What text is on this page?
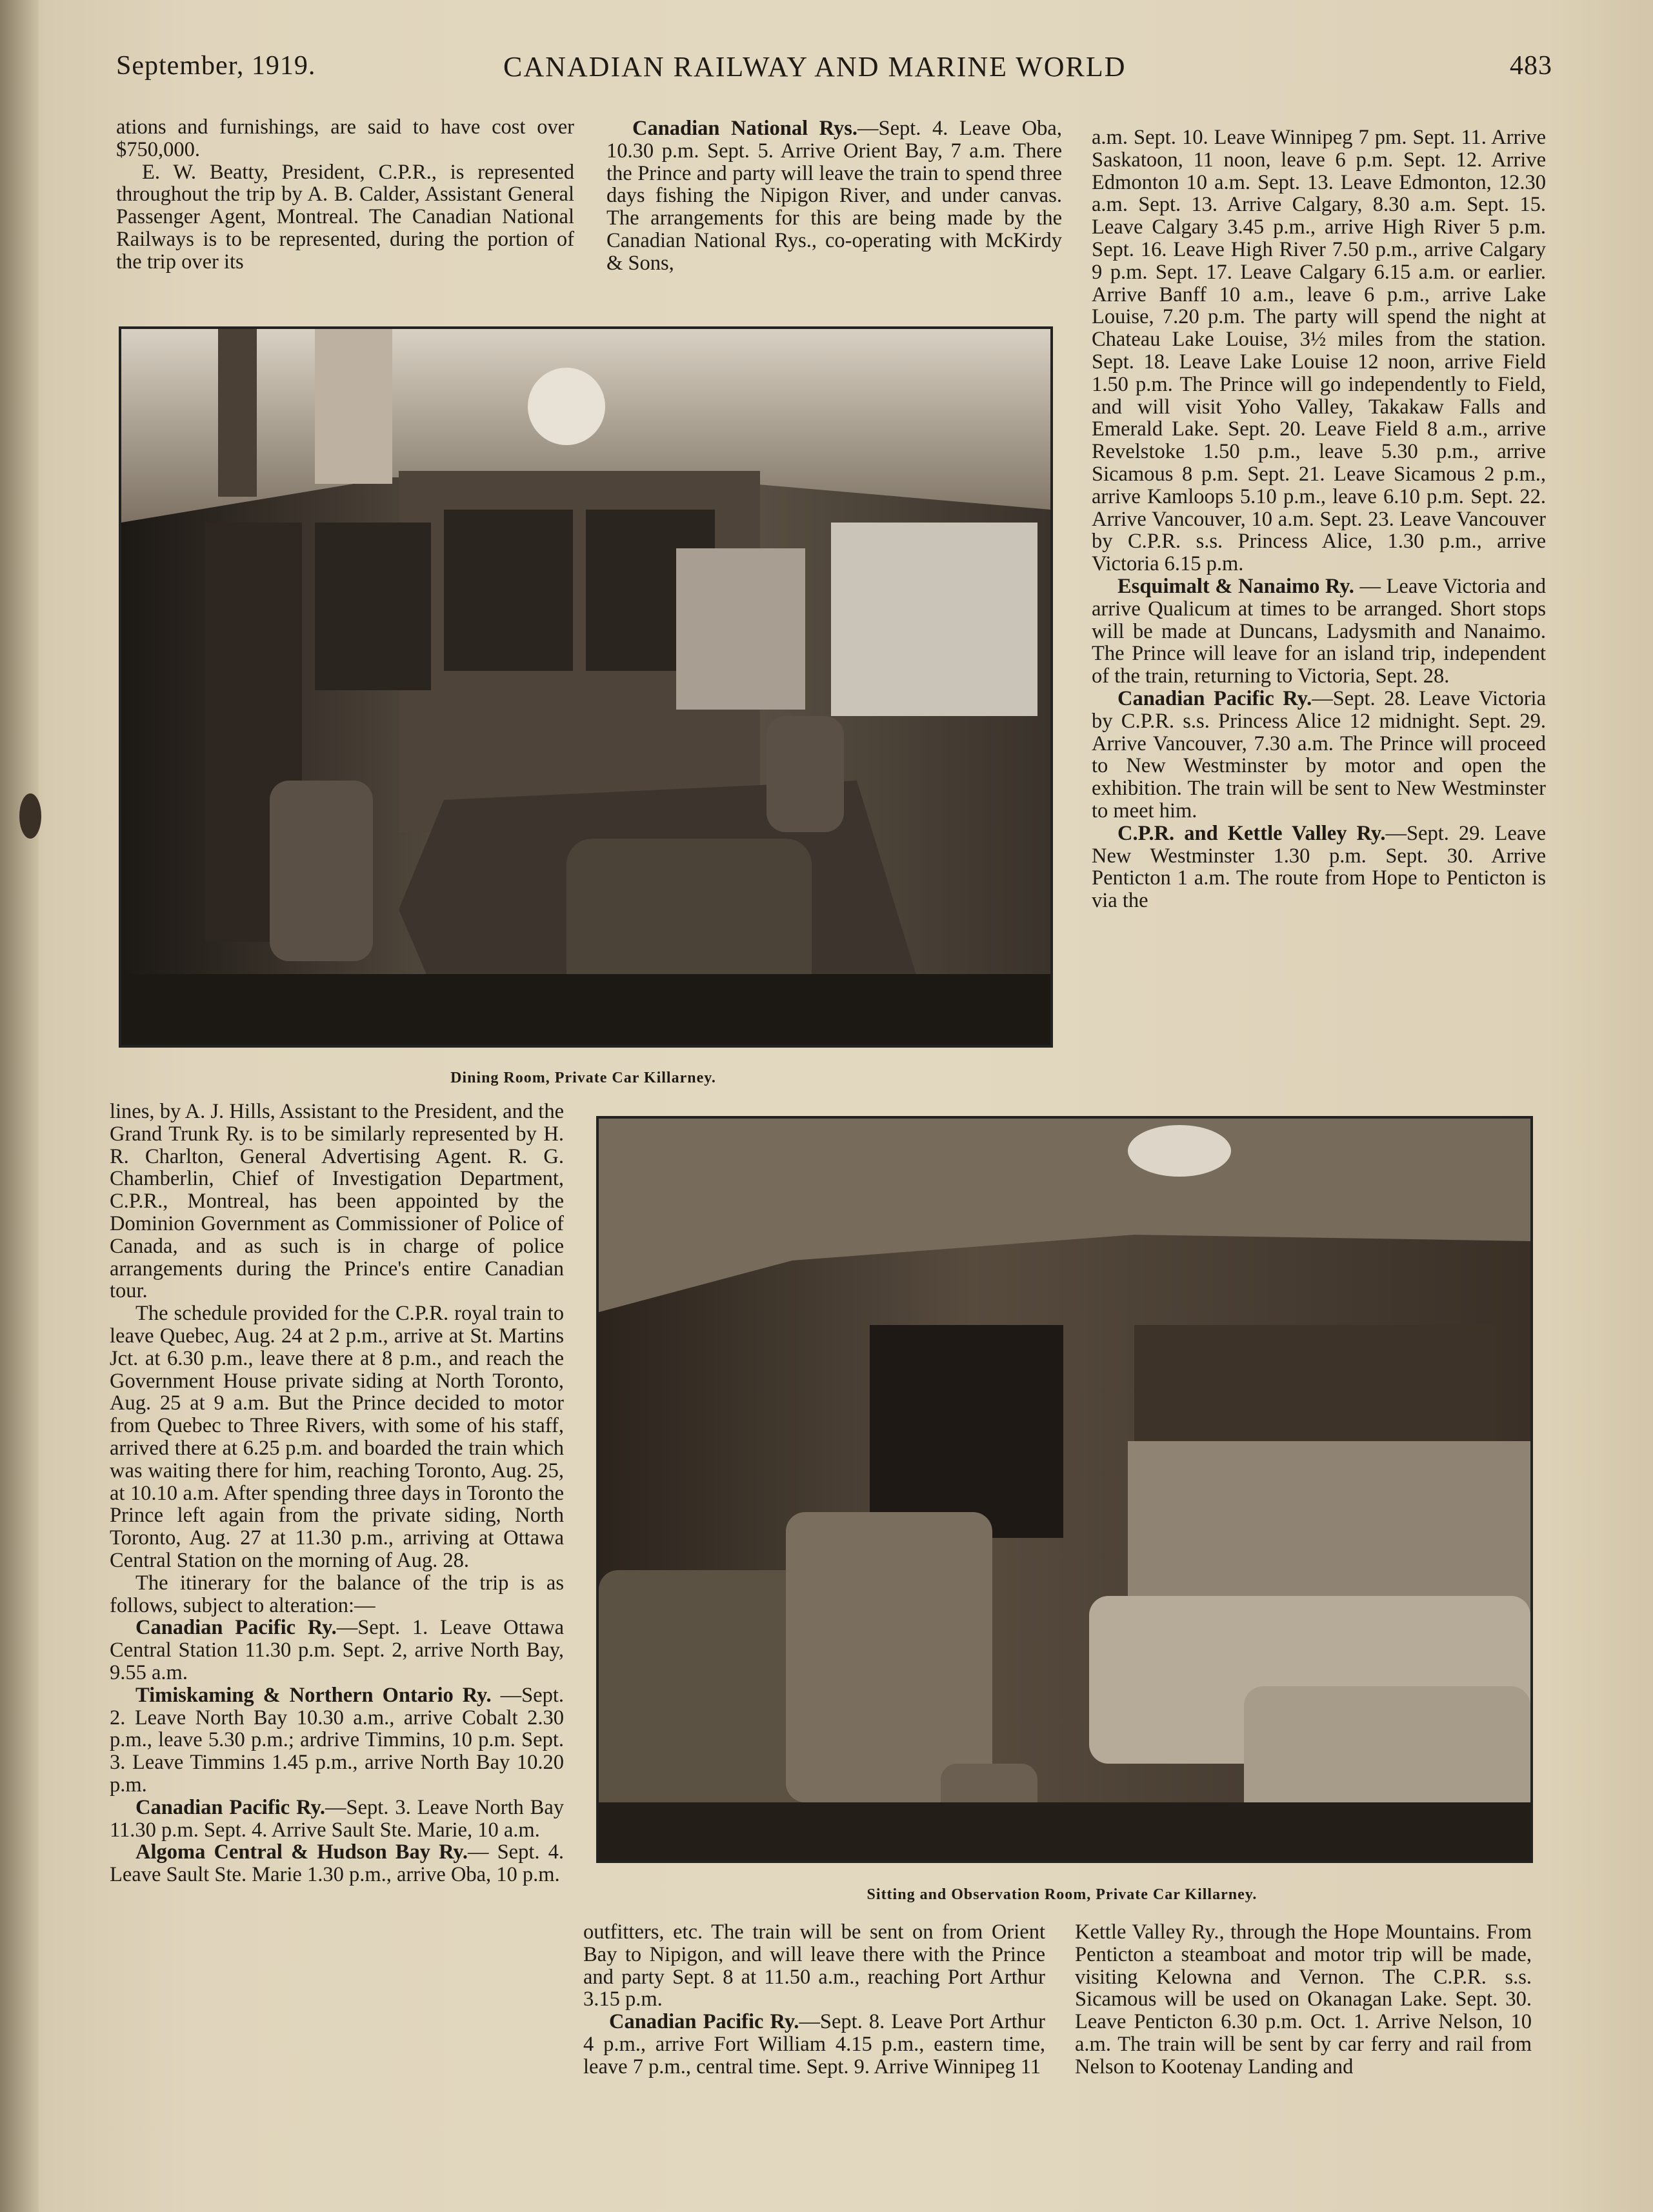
September, 1919.	CANADIAN RAILWAY AND MARINE WORLD	483

ations and furnishings, are said to have cost over $750,000.

E. W. Beatty, President, C.P.R., is represented throughout the trip by A. B. Calder, Assistant General Passenger Agent, Montreal. The Canadian National Railways is to be represented, during the portion of the trip over its

Canadian National Rys.—Sept. 4. Leave Oba, 10.30 p.m. Sept. 5. Arrive Orient Bay, 7 a.m. There the Prince and party will leave the train to spend three days fishing the Nipigon River, and under canvas. The arrangements for this are being made by the Canadian National Rys., co-operating with McKirdy & Sons,

a.m. Sept. 10. Leave Winnipeg 7 pm. Sept. 11. Arrive Saskatoon, 11 noon, leave 6 p.m. Sept. 12. Arrive Edmonton 10 a.m. Sept. 13. Leave Edmonton, 12.30 a.m. Sept. 13. Arrive Calgary, 8.30 a.m. Sept. 15. Leave Calgary 3.45 p.m., arrive High River 5 p.m. Sept. 16. Leave High River 7.50 p.m., arrive Calgary 9 p.m. Sept. 17. Leave Calgary 6.15 a.m. or earlier. Arrive Banff 10 a.m., leave 6 p.m., arrive Lake Louise, 7.20 p.m. The party will spend the night at Chateau Lake Louise, 3½ miles from the station. Sept. 18. Leave Lake Louise 12 noon, arrive Field 1.50 p.m. The Prince will go independently to Field, and will visit Yoho Valley, Takakaw Falls and Emerald Lake. Sept. 20. Leave Field 8 a.m., arrive Revelstoke 1.50 p.m., leave 5.30 p.m., arrive Sicamous 8 p.m. Sept. 21. Leave Sicamous 2 p.m., arrive Kamloops 5.10 p.m., leave 6.10 p.m. Sept. 22. Arrive Vancouver, 10 a.m. Sept. 23. Leave Vancouver by C.P.R. s.s. Princess Alice, 1.30 p.m., arrive Victoria 6.15 p.m.

Esquimalt & Nanaimo Ry. — Leave Victoria and arrive Qualicum at times to be arranged. Short stops will be made at Duncans, Ladysmith and Nanaimo. The Prince will leave for an island trip, independent of the train, returning to Victoria, Sept. 28.

Canadian Pacific Ry.—Sept. 28. Leave Victoria by C.P.R. s.s. Princess Alice 12 midnight. Sept. 29. Arrive Vancouver, 7.30 a.m. The Prince will proceed to New Westminster by motor and open the exhibition. The train will be sent to New Westminster to meet him.

C.P.R. and Kettle Valley Ry.—Sept. 29. Leave New Westminster 1.30 p.m. Sept. 30. Arrive Penticton 1 a.m. The route from Hope to Penticton is via the

Dining Room, Private Car Killarney.

lines, by A. J. Hills, Assistant to the President, and the Grand Trunk Ry. is to be similarly represented by H. R. Charlton, General Advertising Agent. R. G. Chamberlin, Chief of Investigation Department, C.P.R., Montreal, has been appointed by the Dominion Government as Commissioner of Police of Canada, and as such is in charge of police arrangements during the Prince's entire Canadian tour.

The schedule provided for the C.P.R. royal train to leave Quebec, Aug. 24 at 2 p.m., arrive at St. Martins Jct. at 6.30 p.m., leave there at 8 p.m., and reach the Government House private siding at North Toronto, Aug. 25 at 9 a.m. But the Prince decided to motor from Quebec to Three Rivers, with some of his staff, arrived there at 6.25 p.m. and boarded the train which was waiting there for him, reaching Toronto, Aug. 25, at 10.10 a.m. After spending three days in Toronto the Prince left again from the private siding, North Toronto, Aug. 27 at 11.30 p.m., arriving at Ottawa Central Station on the morning of Aug. 28.

The itinerary for the balance of the trip is as follows, subject to alteration:—

Canadian Pacific Ry.—Sept. 1. Leave Ottawa Central Station 11.30 p.m. Sept. 2, arrive North Bay, 9.55 a.m.

Timiskaming & Northern Ontario Ry. —Sept. 2. Leave North Bay 10.30 a.m., arrive Cobalt 2.30 p.m., leave 5.30 p.m.; ardrive Timmins, 10 p.m. Sept. 3. Leave Timmins 1.45 p.m., arrive North Bay 10.20 p.m.

Canadian Pacific Ry.—Sept. 3. Leave North Bay 11.30 p.m. Sept. 4. Arrive Sault Ste. Marie, 10 a.m.

Algoma Central & Hudson Bay Ry.— Sept. 4. Leave Sault Ste. Marie 1.30 p.m., arrive Oba, 10 p.m.

Sitting and Observation Room, Private Car Killarney.

outfitters, etc. The train will be sent on from Orient Bay to Nipigon, and will leave there with the Prince and party Sept. 8 at 11.50 a.m., reaching Port Arthur 3.15 p.m.

Canadian Pacific Ry.—Sept. 8. Leave Port Arthur 4 p.m., arrive Fort William 4.15 p.m., eastern time, leave 7 p.m., central time. Sept. 9. Arrive Winnipeg 11

Kettle Valley Ry., through the Hope Mountains. From Penticton a steamboat and motor trip will be made, visiting Kelowna and Vernon. The C.P.R. s.s. Sicamous will be used on Okanagan Lake. Sept. 30. Leave Penticton 6.30 p.m. Oct. 1. Arrive Nelson, 10 a.m. The train will be sent by car ferry and rail from Nelson to Kootenay Landing and
